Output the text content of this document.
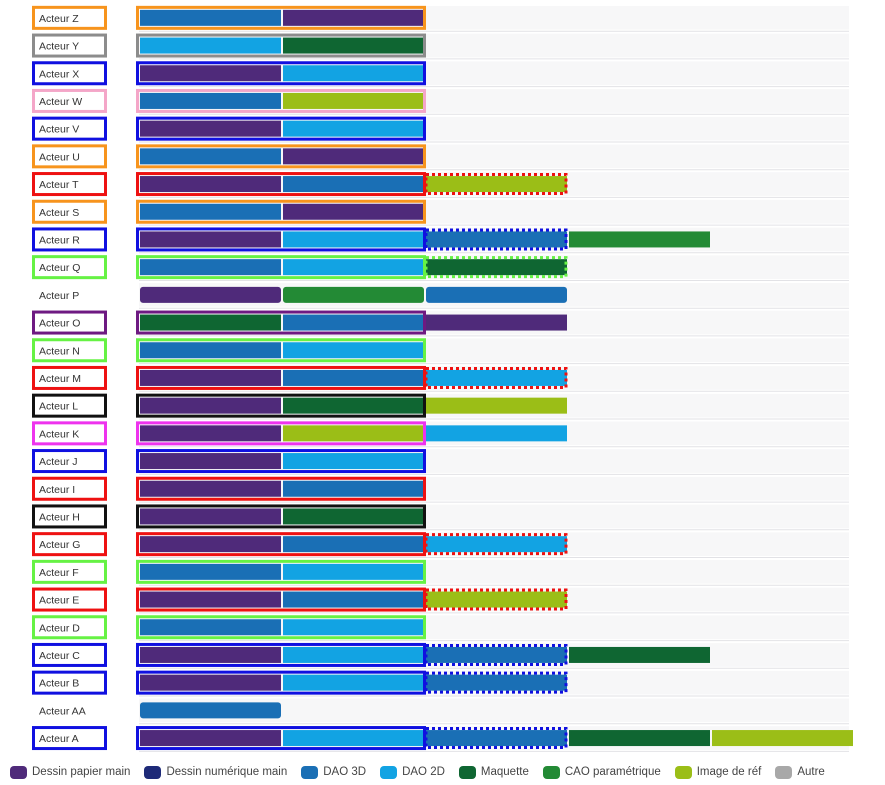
Acteur Z
Acteur Y
Acteur X
Acteur W
Acteur V
Acteur U
Acteur T
Acteur S
Acteur R
Acteur Q
Acteur P
Acteur O
Acteur N
Acteur M
Acteur L
Acteur K
Acteur J
Acteur I
Acteur H
Acteur G
Acteur F
Acteur E
Acteur D
Acteur C
Acteur B
Acteur AA
Acteur A
Dessin papier main	Dessin numérique main	DAO 3D	DAO 2D	Maquette	CAO paramétrique	Image de réf	Autre
